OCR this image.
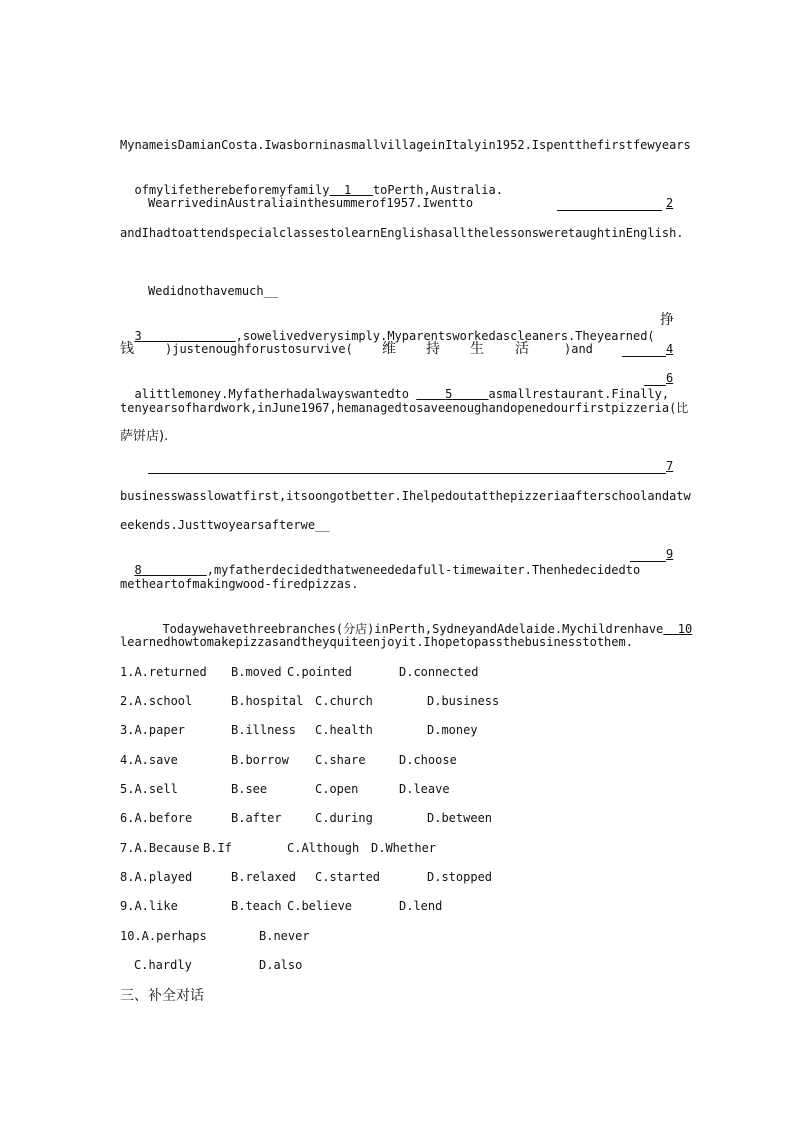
MynameisDamianCosta.IwasborninasmallvillageinItalyin1952.Ispentthefirstfewyears

ofmylifetherebeforemyfamily 1 toPerth,Australia.

WearrivedinAustraliainthesummerof1957.Iwentto	2
andIhadtoattendspecialclassestolearnEnglishasallthelessonsweretaughtinEnglish.
Wedidnothavemuch__

3	,sowelivedverysimply.Myparentsworkedascleaners.Theyearned(

挣
钱	)justenoughforustosurvive( 维 持 生 活	)and	4

alittlemoney.Myfatherhadalwayswantedto	5	asmallrestaurant.Finally,

6
tenyearsofhardwork,inJune1967,hemanagedtosaveenoughandopenedourfirstpizzeria(比
萨饼店).
7
businesswasslowatfirst,itsoongotbetter.Ihelpedoutatthepizzeriaafterschoolandatw
eekends.Justtwoyearsafterwe__

8	,myfatherdecidedthatweneededafull-timewaiter.Thenhedecidedto

9
metheartofmakingwood-firedpizzas.

Todaywehavethreebranches(分店)inPerth,SydneyandAdelaide.Mychildrenhave 10

learnedhowtomakepizzasandtheyquiteenjoyit.Ihopetopassthebusinesstothem.
1.A.returned B.moved C.pointed	D.connected
2.A.school	B.hospital C.church	D.business
3.A.paper	B.illness C.health	D.money
4.A.save	B.borrow C.share	D.choose
5.A.sell	B.see	C.open	D.leave
6.A.before	B.after	C.during	D.between
7.A.Because B.If	C.Although D.Whether
8.A.played	B.relaxed C.started	D.stopped
9.A.like	B.teach C.believe	D.lend
10.A.perhaps	B.never
C.hardly	D.also
三、补全对话
